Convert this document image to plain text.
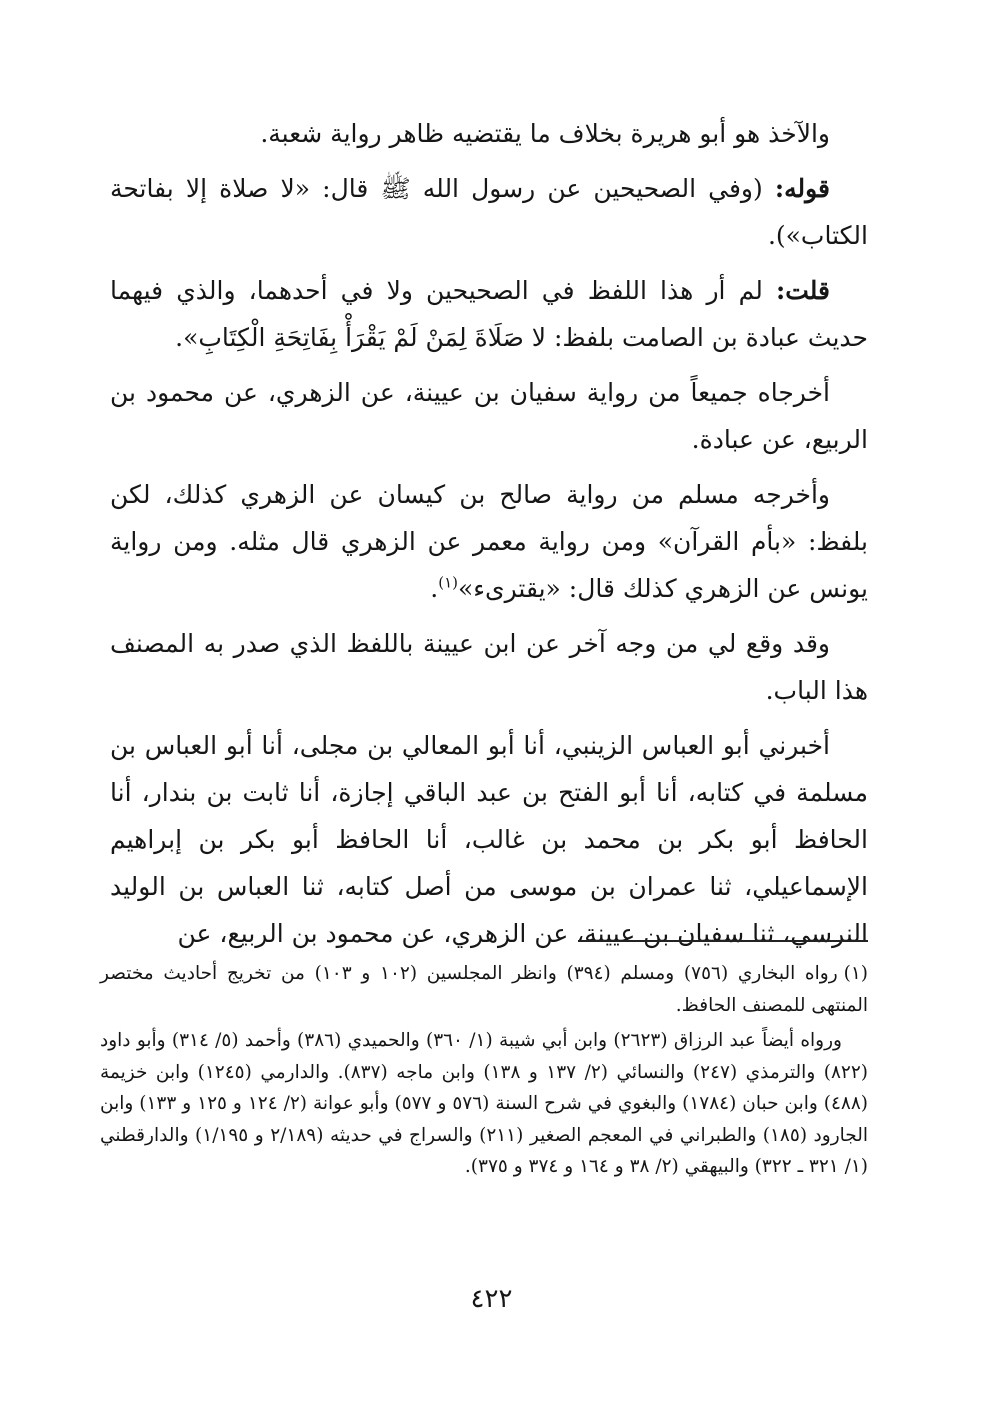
والآخذ هو أبو هريرة بخلاف ما يقتضيه ظاهر رواية شعبة.

قوله: (وفي الصحيحين عن رسول الله ﷺ قال: «لا صلاة إلا بفاتحة الكتاب»).

قلت: لم أر هذا اللفظ في الصحيحين ولا في أحدهما، والذي فيهما حديث عبادة بن الصامت بلفظ: لا صَلَاةَ لِمَنْ لَمْ يَقْرَأْ بِفَاتِحَةِ الْكِتَابِ».

أخرجاه جميعاً من رواية سفيان بن عيينة، عن الزهري، عن محمود بن الربيع، عن عبادة.

وأخرجه مسلم من رواية صالح بن كيسان عن الزهري كذلك، لكن بلفظ: «بأم القرآن» ومن رواية معمر عن الزهري قال مثله. ومن رواية يونس عن الزهري كذلك قال: «يقترىء»$^{(١)}$.

وقد وقع لي من وجه آخر عن ابن عيينة باللفظ الذي صدر به المصنف هذا الباب.

أخبرني أبو العباس الزينبي، أنا أبو المعالي بن مجلى، أنا أبو العباس بن مسلمة في كتابه، أنا أبو الفتح بن عبد الباقي إجازة، أنا ثابت بن بندار، أنا الحافظ أبو بكر بن محمد بن غالب، أنا الحافظ أبو بكر بن إبراهيم الإسماعيلي، ثنا عمران بن موسى من أصل كتابه، ثنا العباس بن الوليد النرسي، ثنا سفيان بن عيينة، عن الزهري، عن محمود بن الربيع، عن

(١)رواه البخاري (٧٥٦) ومسلم (٣٩٤) وانظر المجلسين (١٠٢ و ١٠٣) من تخريج أحاديث مختصر المنتهى للمصنف الحافظ.

ورواه أيضاً عبد الرزاق (٢٦٢٣) وابن أبي شيبة (١/ ٣٦٠) والحميدي (٣٨٦) وأحمد (٥/ ٣١٤) وأبو داود (٨٢٢) والترمذي (٢٤٧) والنسائي (٢/ ١٣٧ و ١٣٨) وابن ماجه (٨٣٧). والدارمي (١٢٤٥) وابن خزيمة (٤٨٨) وابن حبان (١٧٨٤) والبغوي في شرح السنة (٥٧٦ و ٥٧٧) وأبو عوانة (٢/ ١٢٤ و ١٢٥ و ١٣٣) وابن الجارود (١٨٥) والطبراني في المعجم الصغير (٢١١) والسراج في حديثه (٢/١٨٩ و ١/١٩٥) والدارقطني (١/ ٣٢١ ـ ٣٢٢) والبيهقي (٢/ ٣٨ و ١٦٤ و ٣٧٤ و ٣٧٥).

٤٢٢
